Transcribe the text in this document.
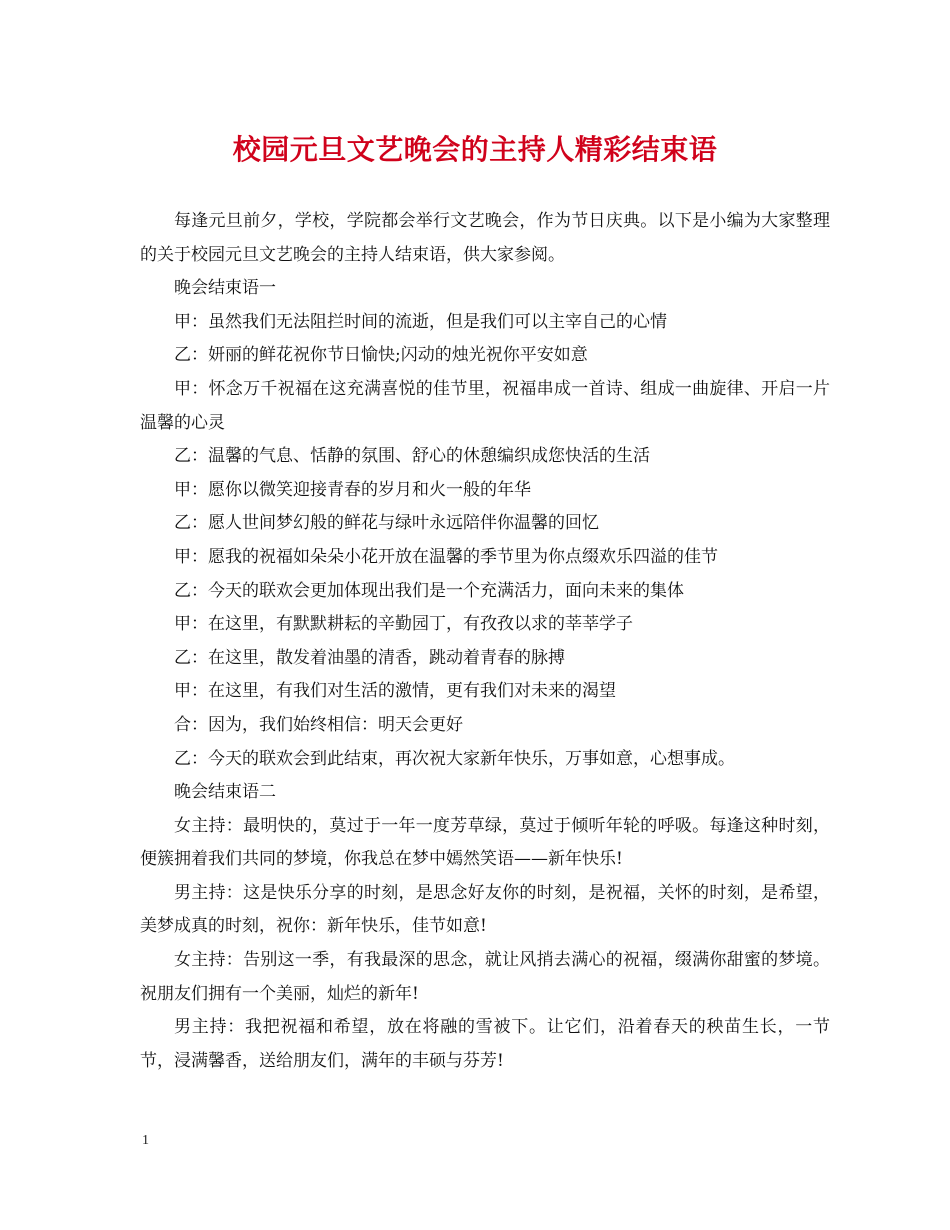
校园元旦文艺晚会的主持人精彩结束语

每逢元旦前夕，学校，学院都会举行文艺晚会，作为节日庆典。以下是小编为大家整理的关于校园元旦文艺晚会的主持人结束语，供大家参阅。

晚会结束语一

甲：虽然我们无法阻拦时间的流逝，但是我们可以主宰自己的心情

乙：妍丽的鲜花祝你节日愉快;闪动的烛光祝你平安如意

甲：怀念万千祝福在这充满喜悦的佳节里，祝福串成一首诗、组成一曲旋律、开启一片温馨的心灵

乙：温馨的气息、恬静的氛围、舒心的休憩编织成您快活的生活

甲：愿你以微笑迎接青春的岁月和火一般的年华

乙：愿人世间梦幻般的鲜花与绿叶永远陪伴你温馨的回忆

甲：愿我的祝福如朵朵小花开放在温馨的季节里为你点缀欢乐四溢的佳节

乙：今天的联欢会更加体现出我们是一个充满活力，面向未来的集体

甲：在这里，有默默耕耘的辛勤园丁，有孜孜以求的莘莘学子

乙：在这里，散发着油墨的清香，跳动着青春的脉搏

甲：在这里，有我们对生活的激情，更有我们对未来的渴望

合：因为，我们始终相信：明天会更好

乙：今天的联欢会到此结束，再次祝大家新年快乐，万事如意，心想事成。

晚会结束语二

女主持：最明快的，莫过于一年一度芳草绿，莫过于倾听年轮的呼吸。每逢这种时刻，便簇拥着我们共同的梦境，你我总在梦中嫣然笑语——新年快乐!

男主持：这是快乐分享的时刻，是思念好友你的时刻，是祝福，关怀的时刻，是希望，美梦成真的时刻，祝你：新年快乐，佳节如意!

女主持：告别这一季，有我最深的思念，就让风捎去满心的祝福，缀满你甜蜜的梦境。祝朋友们拥有一个美丽，灿烂的新年!

男主持：我把祝福和希望，放在将融的雪被下。让它们，沿着春天的秧苗生长，一节节，浸满馨香，送给朋友们，满年的丰硕与芬芳!

1
